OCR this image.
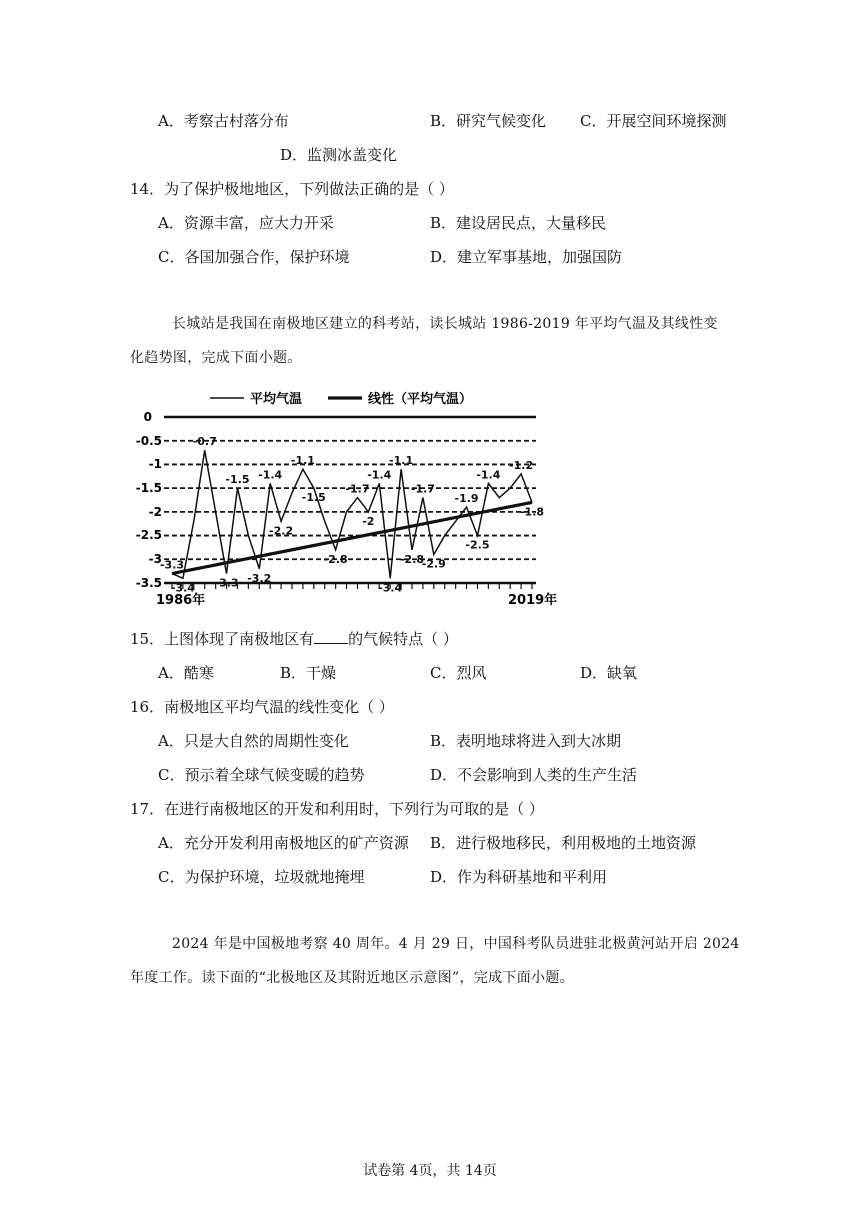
A．考察古村落分布	B．研究气候变化 C．开展空间环境探测
D．监测冰盖变化
14．为了保护极地地区，下列做法正确的是（ ）
A．资源丰富，应大力开采	B．建设居民点，大量移民
C．各国加强合作，保护环境	D．建立军事基地，加强国防
长城站是我国在南极地区建立的科考站，读长城站 1986-2019 年平均气温及其线性变
化趋势图，完成下面小题。
平均气温	线性（平均气温）
0
-0.5
-1
-1.5
-2
-2.5
-3
-3.5
-3.3
-3.4
-0.7
-3.3
-1.5
-3.2
-1.4
-2.2
-1.1
-1.5
-2.8
-1.7
-2
-1.4
-3.4
-1.1
-2.8
-1.7
-2.9
-1.9
-2.5
-1.4
-1.2
-1.8
1986年	2019年
15．上图体现了南极地区有 的气候特点（ ）
A．酷寒	B．干燥	C．烈风	D．缺氧
16．南极地区平均气温的线性变化（ ）
A．只是大自然的周期性变化	B．表明地球将进入到大冰期
C．预示着全球气候变暖的趋势	D．不会影响到人类的生产生活
17．在进行南极地区的开发和利用时，下列行为可取的是（ ）
A．充分开发利用南极地区的矿产资源 B．进行极地移民，利用极地的土地资源
C．为保护环境，垃圾就地掩埋	D．作为科研基地和平利用
2024 年是中国极地考察 40 周年。4 月 29 日，中国科考队员进驻北极黄河站开启 2024
年度工作。读下面的“北极地区及其附近地区示意图”，完成下面小题。
试卷第 4页，共 14页
